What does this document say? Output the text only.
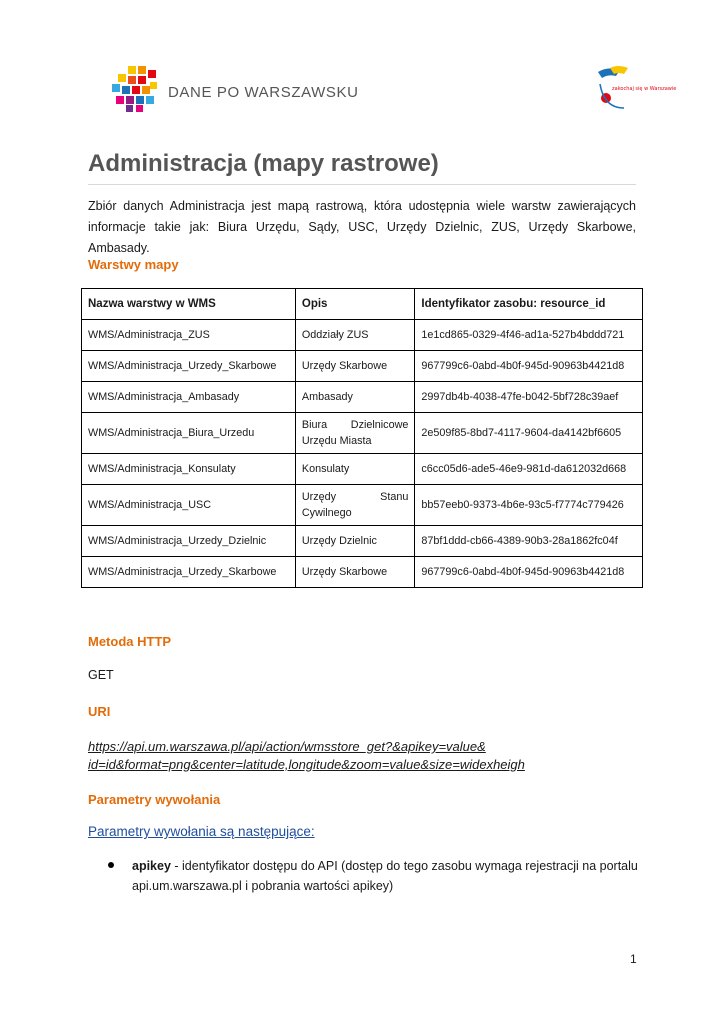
DANE PO WARSZAWSKU	zakochaj się w Warszawie
Administracja (mapy rastrowe)

Zbiór danych Administracja jest mapą rastrową, która udostępnia wiele warstw zawierających informacje takie jak: Biura Urzędu, Sądy, USC, Urzędy Dzielnic, ZUS, Urzędy Skarbowe, Ambasady.

Warstwy mapy

Nazwa warstwy w WMS	Opis	Identyfikator zasobu: resource_id
WMS/Administracja_ZUS	Oddziały ZUS	1e1cd865-0329-4f46-ad1a-527b4bddd721
WMS/Administracja_Urzedy_Skarbowe	Urzędy Skarbowe	967799c6-0abd-4b0f-945d-90963b4421d8
WMS/Administracja_Ambasady	Ambasady	2997db4b-4038-47fe-b042-5bf728c39aef
WMS/Administracja_Biura_Urzedu	Biura Dzielnicowe Urzędu Miasta	2e509f85-8bd7-4117-9604-da4142bf6605
WMS/Administracja_Konsulaty	Konsulaty	c6cc05d6-ade5-46e9-981d-da612032d668
WMS/Administracja_USC	Urzędy Stanu Cywilnego	bb57eeb0-9373-4b6e-93c5-f7774c779426
WMS/Administracja_Urzedy_Dzielnic	Urzędy Dzielnic	87bf1ddd-cb66-4389-90b3-28a1862fc04f
WMS/Administracja_Urzedy_Skarbowe	Urzędy Skarbowe	967799c6-0abd-4b0f-945d-90963b4421d8

Metoda HTTP

GET

URI

https://api.um.warszawa.pl/api/action/wmsstore_get?&apikey=value&
id=id&format=png&center=latitude,longitude&zoom=value&size=widexheigh

Parametry wywołania

Parametry wywołania są następujące:

apikey - identyfikator dostępu do API (dostęp do tego zasobu wymaga rejestracji na portalu api.um.warszawa.pl i pobrania wartości apikey)
1
